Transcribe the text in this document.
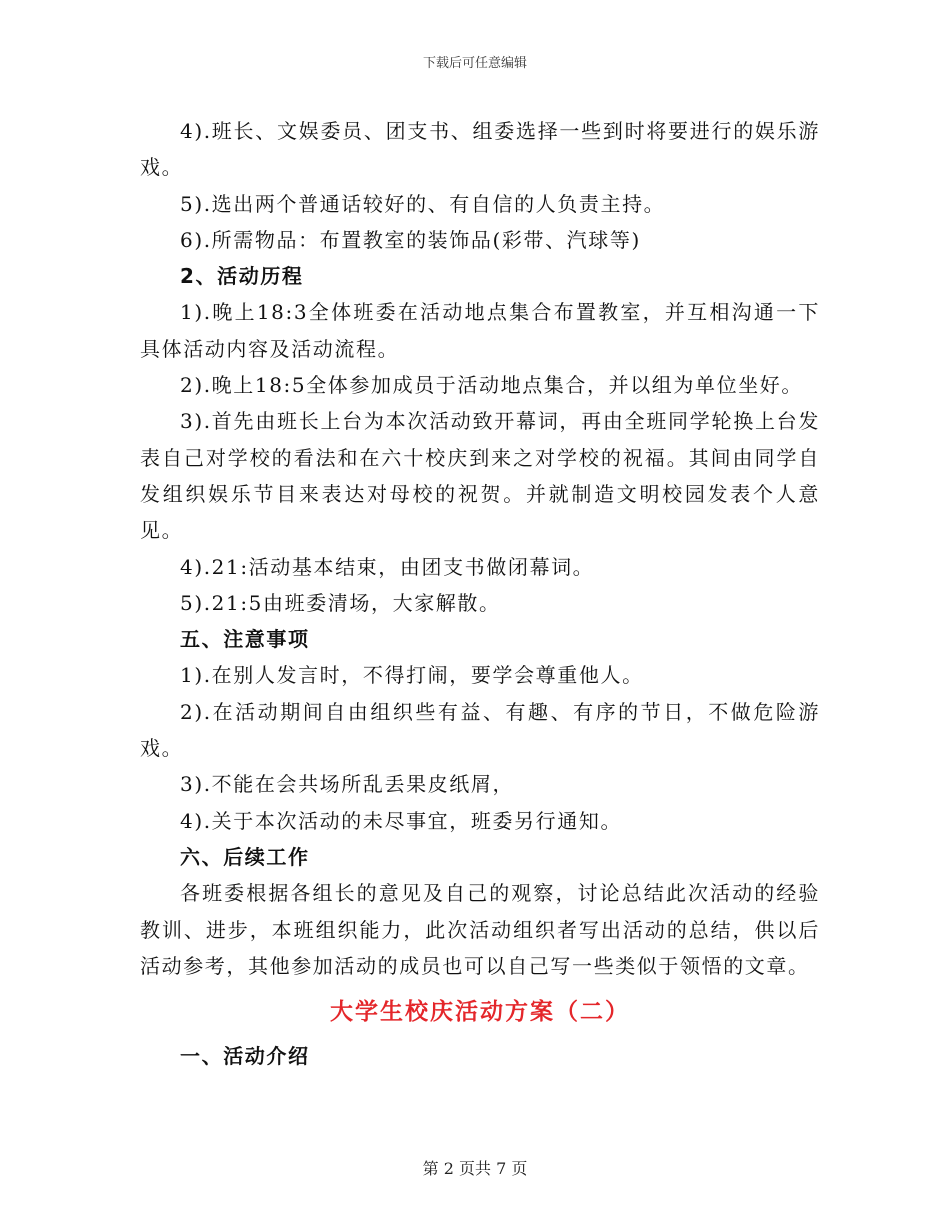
下载后可任意编辑

4).班长、文娱委员、团支书、组委选择一些到时将要进行的娱乐游戏。

5).选出两个普通话较好的、有自信的人负责主持。

6).所需物品：布置教室的装饰品(彩带、汽球等)

2、活动历程

1).晚上18:3全体班委在活动地点集合布置教室，并互相沟通一下具体活动内容及活动流程。

2).晚上18:5全体参加成员于活动地点集合，并以组为单位坐好。

3).首先由班长上台为本次活动致开幕词，再由全班同学轮换上台发表自己对学校的看法和在六十校庆到来之对学校的祝福。其间由同学自发组织娱乐节目来表达对母校的祝贺。并就制造文明校园发表个人意见。

4).21:活动基本结束，由团支书做闭幕词。

5).21:5由班委清场，大家解散。

五、注意事项

1).在别人发言时，不得打闹，要学会尊重他人。

2).在活动期间自由组织些有益、有趣、有序的节日，不做危险游戏。

3).不能在会共场所乱丢果皮纸屑，

4).关于本次活动的未尽事宜，班委另行通知。

六、后续工作

各班委根据各组长的意见及自己的观察，讨论总结此次活动的经验教训、进步，本班组织能力，此次活动组织者写出活动的总结，供以后活动参考，其他参加活动的成员也可以自己写一些类似于领悟的文章。

大学生校庆活动方案（二）

一、活动介绍

第 2 页共 7 页
